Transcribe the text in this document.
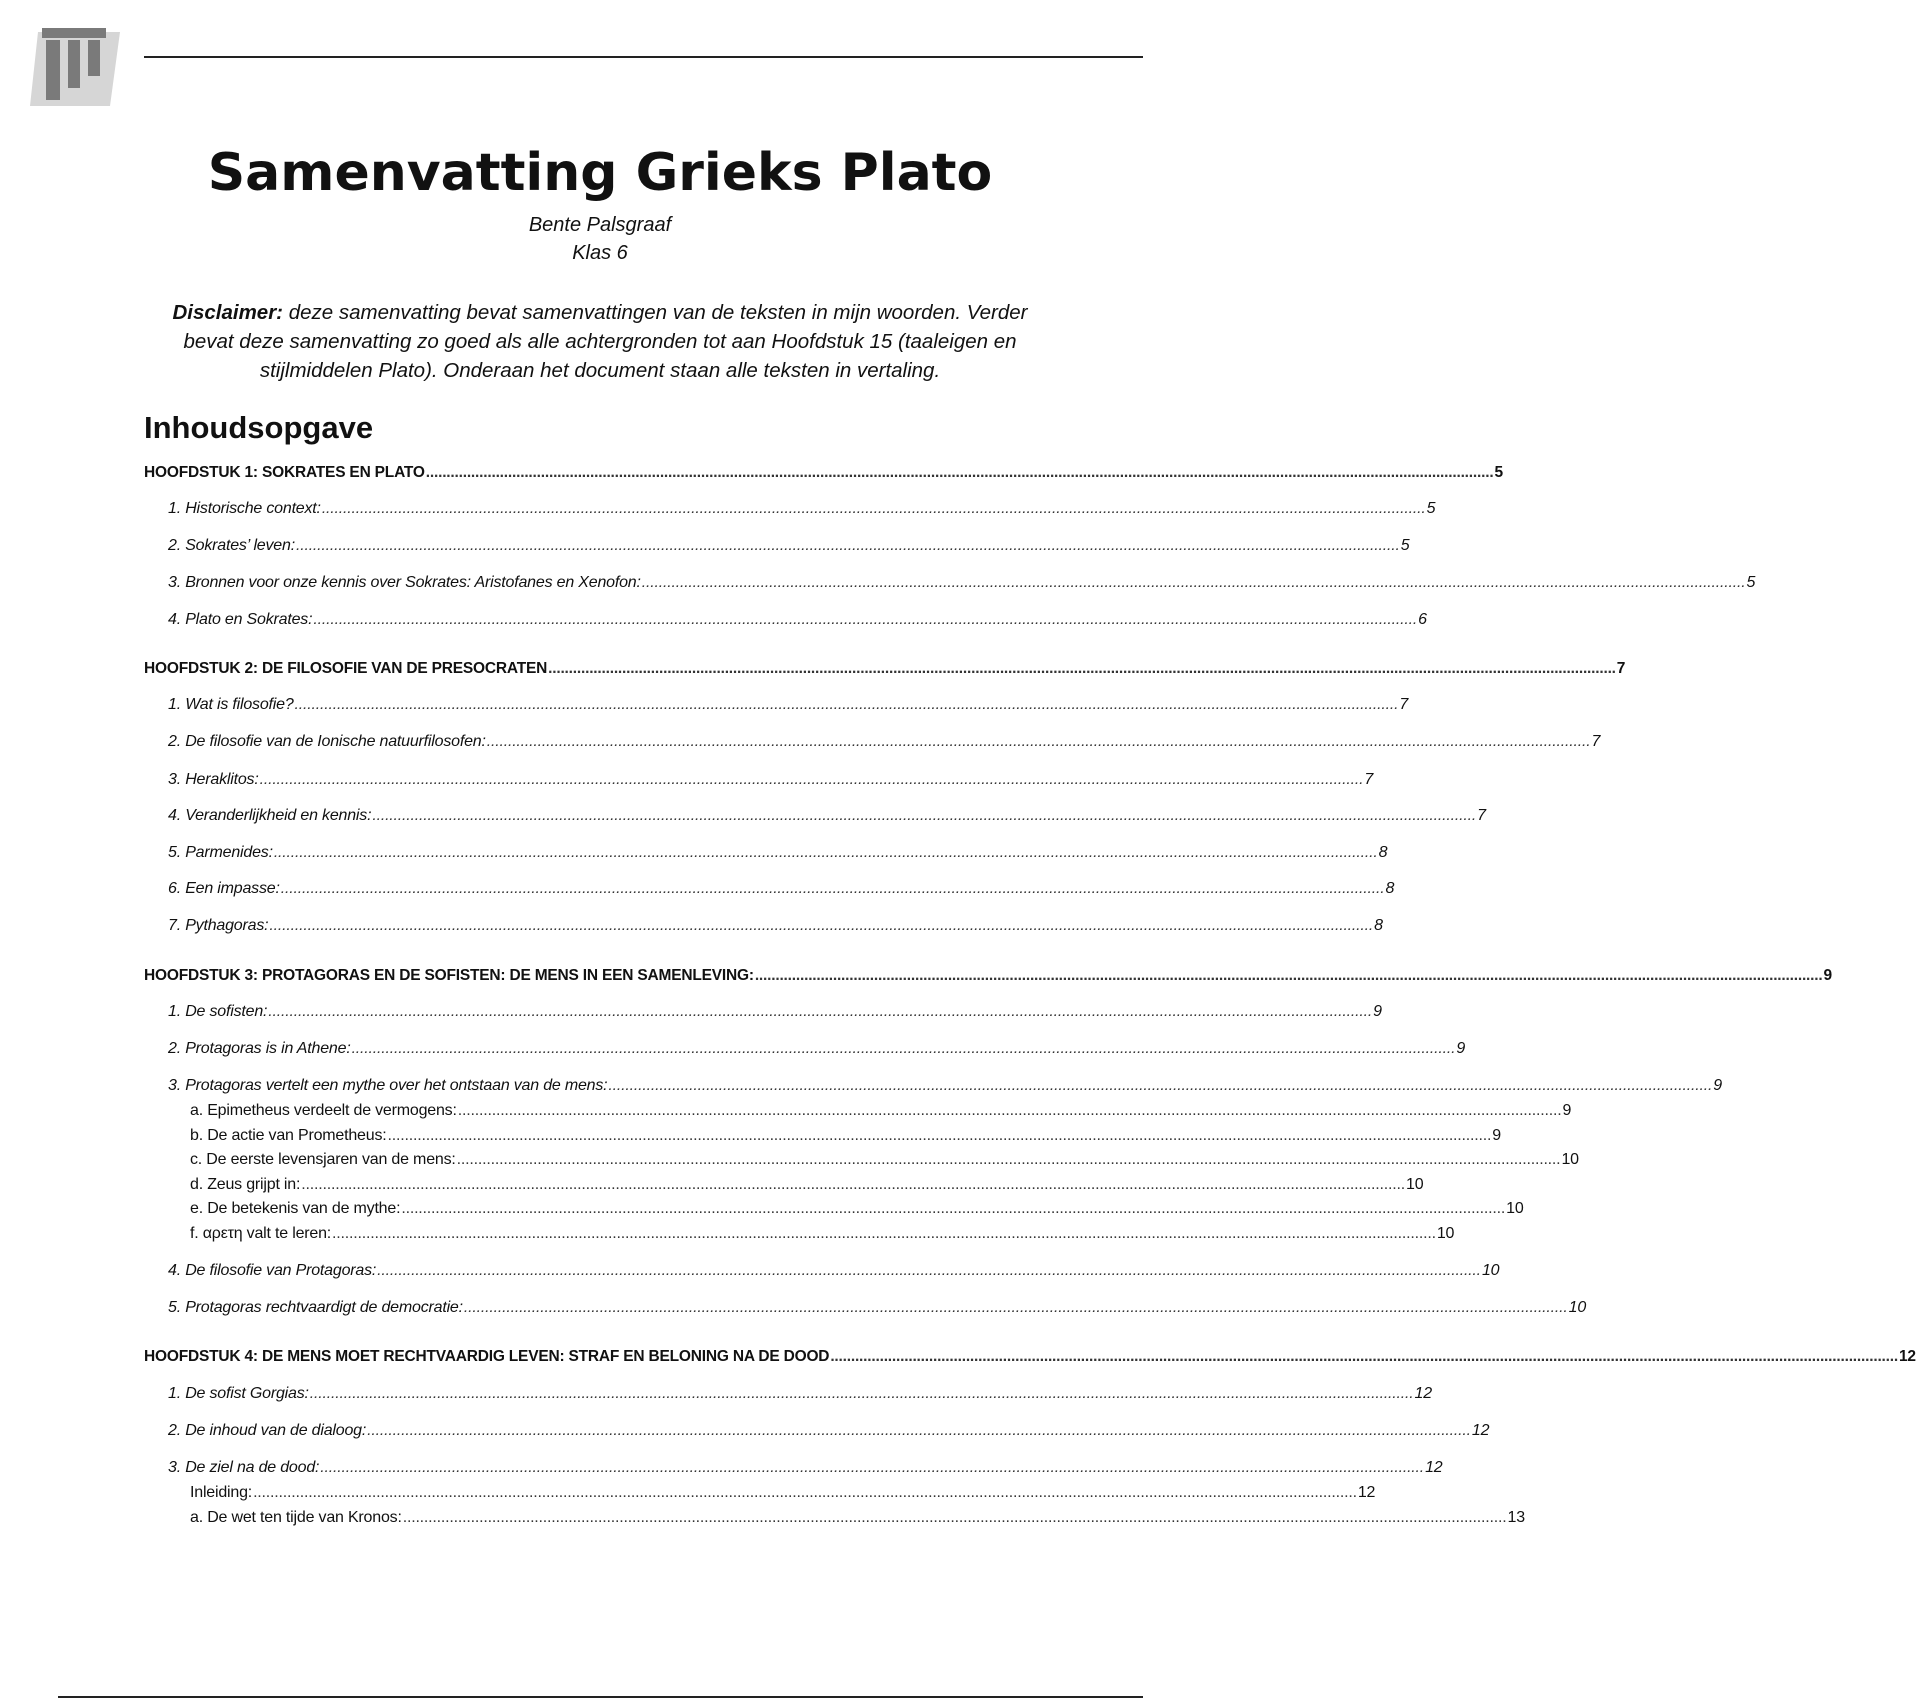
Samenvatting Grieks Plato
Bente Palsgraaf
Klas 6

Disclaimer: deze samenvatting bevat samenvattingen van de teksten in mijn woorden. Verder bevat deze samenvatting zo goed als alle achtergronden tot aan Hoofdstuk 15 (taaleigen en stijlmiddelen Plato). Onderaan het document staan alle teksten in vertaling.

Inhoudsopgave
HOOFDSTUK 1: SOKRATES EN PLATO .................................................................................................................................................................................................................................................................... 5
1. Historische context: .................................................................................................................................................................................................................................................................... 5
2. Sokrates’ leven: .................................................................................................................................................................................................................................................................... 5
3. Bronnen voor onze kennis over Sokrates: Aristofanes en Xenofon: .................................................................................................................................................................................................................................................................... 5
4. Plato en Sokrates: .................................................................................................................................................................................................................................................................... 6
HOOFDSTUK 2: DE FILOSOFIE VAN DE PRESOCRATEN .................................................................................................................................................................................................................................................................... 7
1. Wat is filosofie? .................................................................................................................................................................................................................................................................... 7
2. De filosofie van de Ionische natuurfilosofen: .................................................................................................................................................................................................................................................................... 7
3. Heraklitos: .................................................................................................................................................................................................................................................................... 7
4. Veranderlijkheid en kennis: .................................................................................................................................................................................................................................................................... 7
5. Parmenides: .................................................................................................................................................................................................................................................................... 8
6. Een impasse: .................................................................................................................................................................................................................................................................... 8
7. Pythagoras: .................................................................................................................................................................................................................................................................... 8
HOOFDSTUK 3: PROTAGORAS EN DE SOFISTEN: DE MENS IN EEN SAMENLEVING: .................................................................................................................................................................................................................................................................... 9
1. De sofisten: .................................................................................................................................................................................................................................................................... 9
2. Protagoras is in Athene: .................................................................................................................................................................................................................................................................... 9
3. Protagoras vertelt een mythe over het ontstaan van de mens: .................................................................................................................................................................................................................................................................... 9
a. Epimetheus verdeelt de vermogens: .................................................................................................................................................................................................................................................................... 9
b. De actie van Prometheus: .................................................................................................................................................................................................................................................................... 9
c. De eerste levensjaren van de mens: .................................................................................................................................................................................................................................................................... 10
d. Zeus grijpt in: .................................................................................................................................................................................................................................................................... 10
e. De betekenis van de mythe: .................................................................................................................................................................................................................................................................... 10
f. αρετη valt te leren: .................................................................................................................................................................................................................................................................... 10
4. De filosofie van Protagoras: .................................................................................................................................................................................................................................................................... 10
5. Protagoras rechtvaardigt de democratie: .................................................................................................................................................................................................................................................................... 10
HOOFDSTUK 4: DE MENS MOET RECHTVAARDIG LEVEN: STRAF EN BELONING NA DE DOOD .................................................................................................................................................................................................................................................................... 12
1. De sofist Gorgias: .................................................................................................................................................................................................................................................................... 12
2. De inhoud van de dialoog: .................................................................................................................................................................................................................................................................... 12
3. De ziel na de dood: .................................................................................................................................................................................................................................................................... 12
Inleiding: .................................................................................................................................................................................................................................................................... 12
a. De wet ten tijde van Kronos: .................................................................................................................................................................................................................................................................... 13
